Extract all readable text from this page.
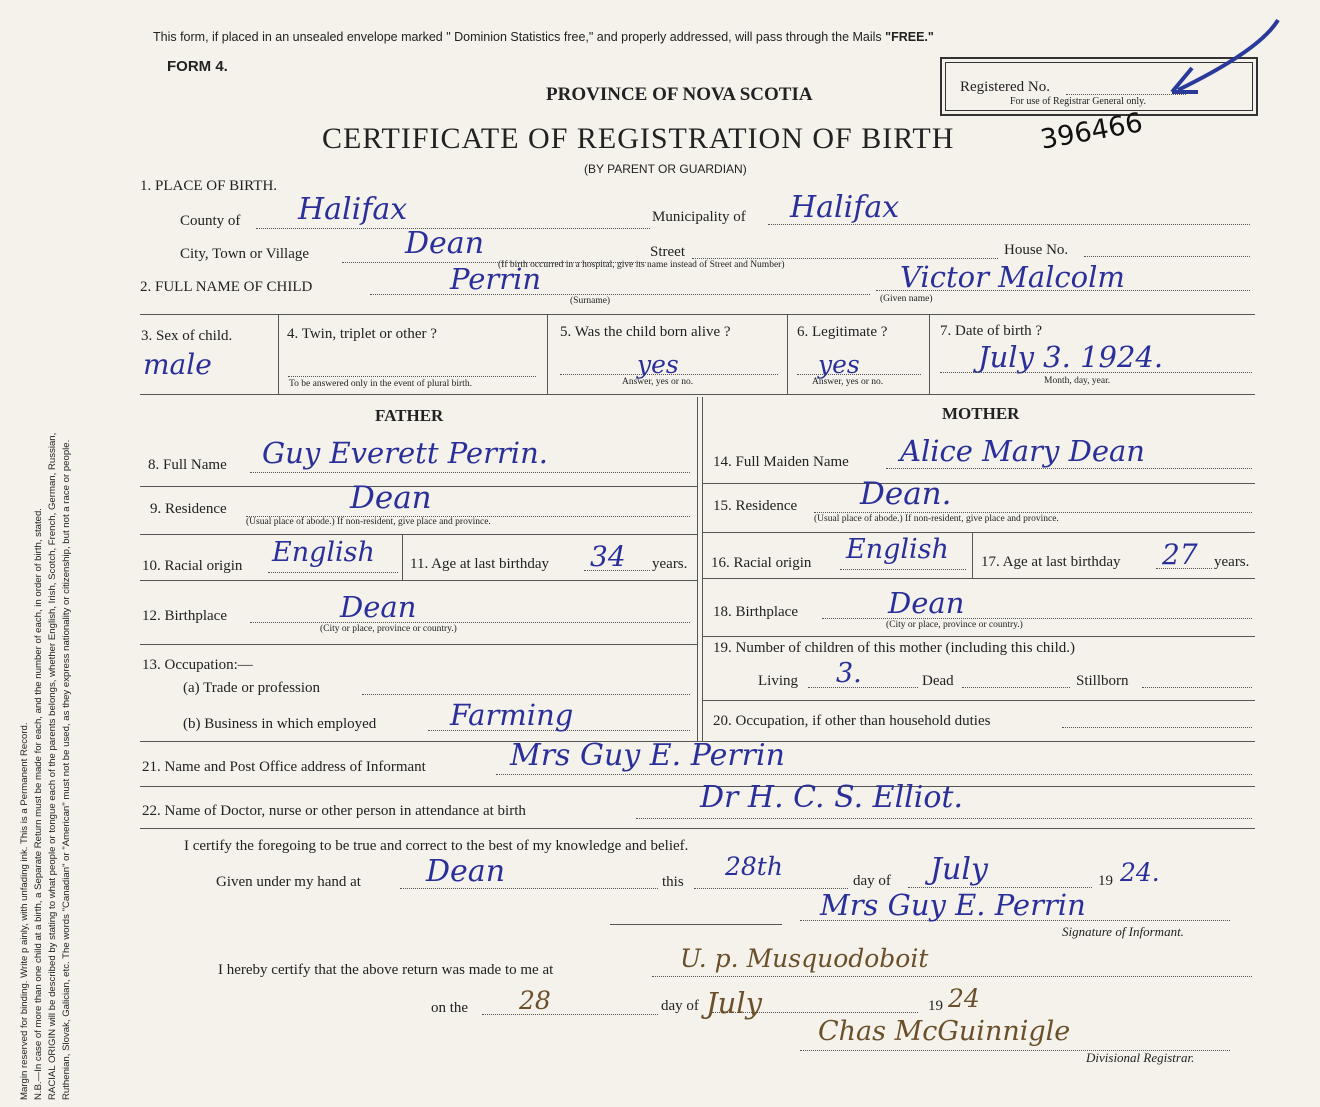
Margin reserved for binding. Write p ainly, with unfading ink. This is a Permanent Record. N.B.—In case of more than one child at a birth, a Separate Return must be made for each, and the number of each, in order of birth, stated. RACIAL ORIGIN will be described by stating to what people or tongue each of the parents belongs, whether English, Irish, Scotch, French, German, Russian, Ruthenian, Slovak, Galician, etc. The words "Canadian" or "American" must not be used, as they express nationality or citizenship, but not a race or people.
This form, if placed in an unsealed envelope marked " Dominion Statistics free," and properly addressed, will pass through the Mails "FREE."
FORM 4.
PROVINCE OF NOVA SCOTIA
CERTIFICATE OF REGISTRATION OF BIRTH
(BY PARENT OR GUARDIAN)
Registered No.
For use of Registrar General only.
396466
1. PLACE OF BIRTH.
County of Halifax	Municipality of Halifax
City, Town or Village	Dean	Street	House No.
(If birth occurred in a hospital, give its name instead of Street and Number)
2. FULL NAME OF CHILD	Perrin
(Surname)
Victor Malcolm
(Given name)
3. Sex of child.
male
4. Twin, triplet or other ?
To be answered only in the event of plural birth.
5. Was the child born alive ?
yes
Answer, yes or no.
6. Legitimate ?
yes
Answer, yes or no.
7. Date of birth ?
July 3. 1924.
Month, day, year.
FATHER	MOTHER
8. Full Name Guy Everett Perrin.
9. Residence	Dean
(Usual place of abode.) If non-resident, give place and province.
10. Racial origin English 11. Age at last birthday 34 years.
12. Birthplace	Dean
(City or place, province or country.)
13. Occupation:—
(a) Trade or profession
(b) Business in which employed	Farming
14. Full Maiden Name Alice Mary Dean
15. Residence Dean.
(Usual place of abode.) If non-resident, give place and province.
16. Racial origin English 17. Age at last birthday 27 years.
18. Birthplace	Dean
(City or place, province or country.)
19. Number of children of this mother (including this child.)
Living 3.	Dead	Stillborn
20. Occupation, if other than household duties
21. Name and Post Office address of Informant	Mrs Guy E. Perrin
22. Name of Doctor, nurse or other person in attendance at birth	Dr H. C. S. Elliot.
I certify the foregoing to be true and correct to the best of my knowledge and belief.
Given under my hand at Dean	this
28th	day of July	19 24.
Mrs Guy E. Perrin
Signature of Informant.
I hereby certify that the above return was made to me at	U. p. Musquodoboit
on the 28	day of July	19 24
Chas McGuinnigle
Divisional Registrar.
